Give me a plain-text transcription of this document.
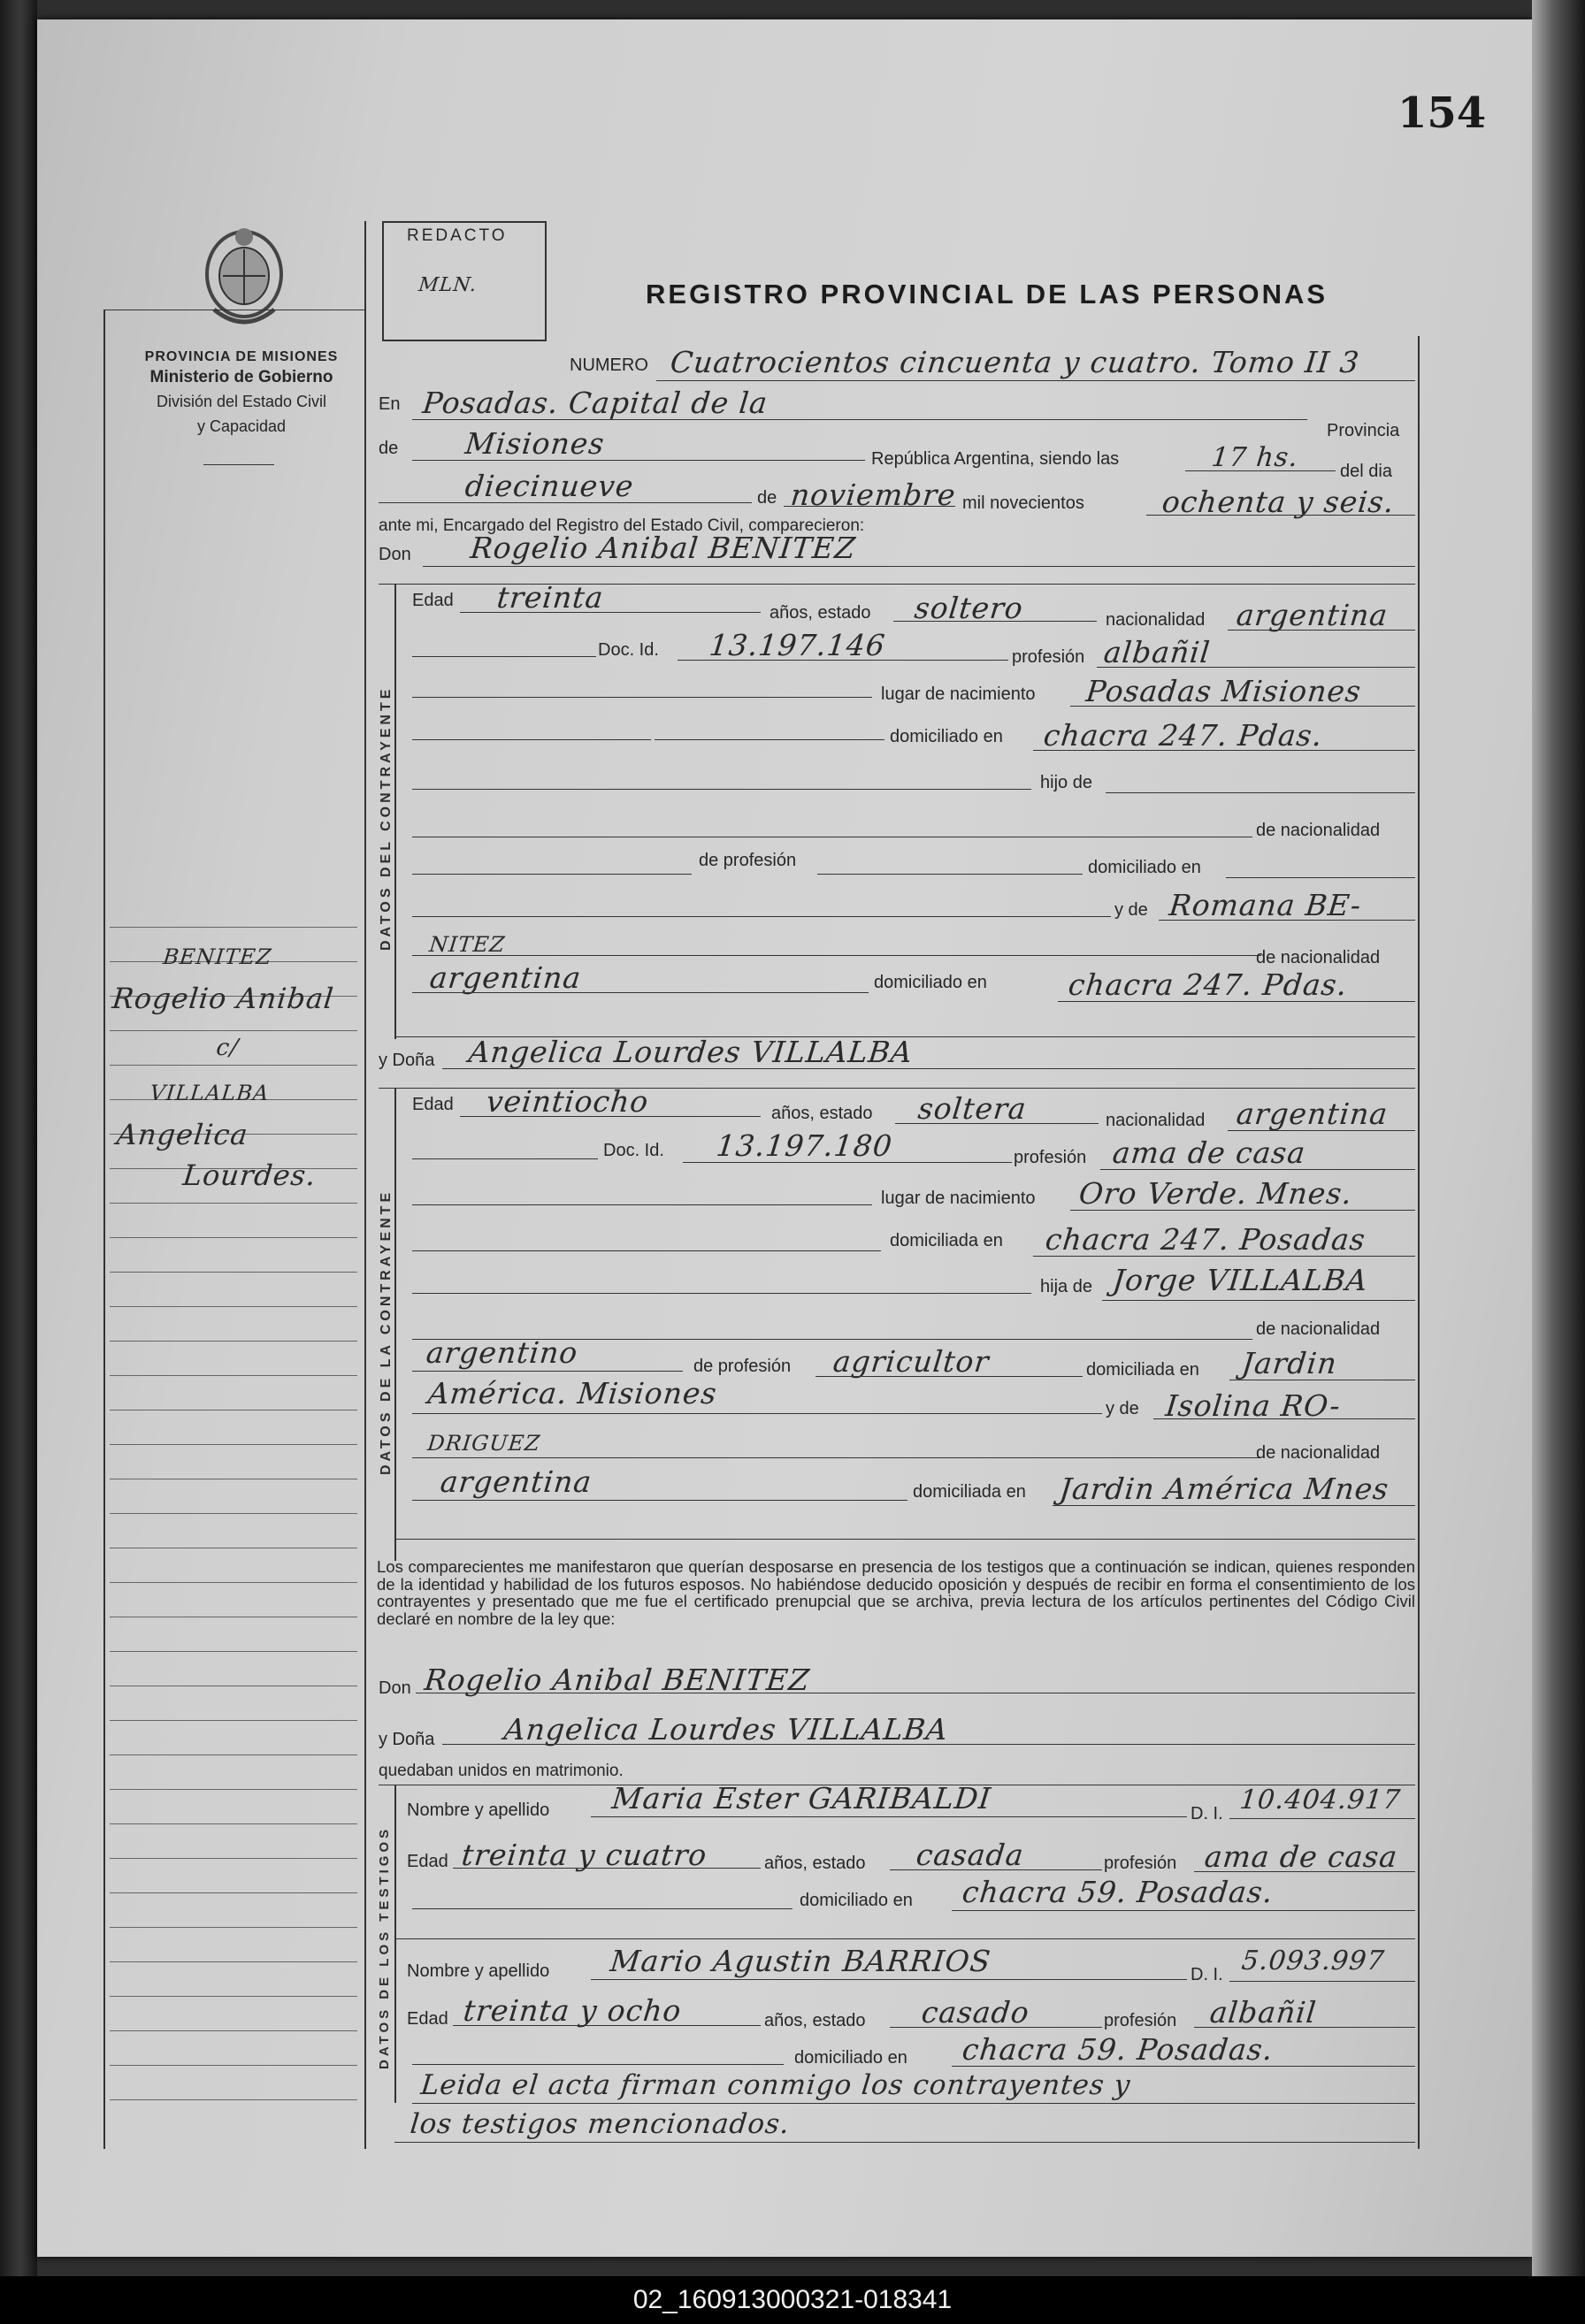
154
PROVINCIA DE MISIONES
Ministerio de Gobierno
División del Estado Civil
y Capacidad
REDACTO
MLN.	REGISTRO PROVINCIAL DE LAS PERSONAS
BENITEZ
Rogelio Anibal
c/
VILLALBA
Angelica
Lourdes.
NUMERO Cuatrocientos cincuenta y cuatro. Tomo II 3
En Posadas. Capital de la
Provincia
de Misiones	República Argentina, siendo las	17 hs. del dia
diecinueve	de noviembre mil novecientos	ochenta y seis.
ante mi, Encargado del Registro del Estado Civil, comparecieron:
Don Rogelio Anibal BENITEZ
DATOS DEL CONTRAYENTE
Edad treinta	años, estado soltero	nacionalidad argentina
Doc. Id. 13.197.146	profesión albañil
lugar de nacimiento Posadas Misiones
domiciliado en chacra 247. Pdas.
hijo de
de nacionalidad
de profesión	domiciliado en
y de Romana BE-
NITEZ
de nacionalidad
argentina	domiciliado en	chacra 247. Pdas.
y Doña Angelica Lourdes VILLALBA
DATOS DE LA CONTRAYENTE
Edad veintiocho	años, estado soltera	nacionalidad argentina
Doc. Id. 13.197.180	profesión ama de casa
lugar de nacimiento Oro Verde. Mnes.
domiciliada en chacra 247. Posadas
hija de Jorge VILLALBA
de nacionalidad
argentino	de profesión agricultor	domiciliada en Jardin
América. Misiones	y de Isolina RO-
DRIGUEZ	de nacionalidad
argentina	domiciliada en Jardin América Mnes
Los comparecientes me manifestaron que querían desposarse en presencia de los testigos que a continuación se indican, quienes responden de la identidad y habilidad de los futuros esposos. No habiéndose deducido oposición y después de recibir en forma el consentimiento de los contrayentes y presentado que me fue el certificado prenupcial que se archiva, previa lectura de los artículos pertinentes del Código Civil declaré en nombre de la ley que:
Don Rogelio Anibal BENITEZ
y Doña Angelica Lourdes VILLALBA
quedaban unidos en matrimonio.
DATOS DE LOS TESTIGOS
Nombre y apellido Maria Ester GARIBALDI	D. I. 10.404.917
Edad treinta y cuatro	años, estado casada	profesión ama de casa
domiciliado en chacra 59. Posadas.
Nombre y apellido Mario Agustin BARRIOS	D. I. 5.093.997
Edad treinta y ocho	años, estado casado	profesión albañil
domiciliado en chacra 59. Posadas.
Leida el acta firman conmigo los contrayentes y
los testigos mencionados.
02_160913000321-018341
